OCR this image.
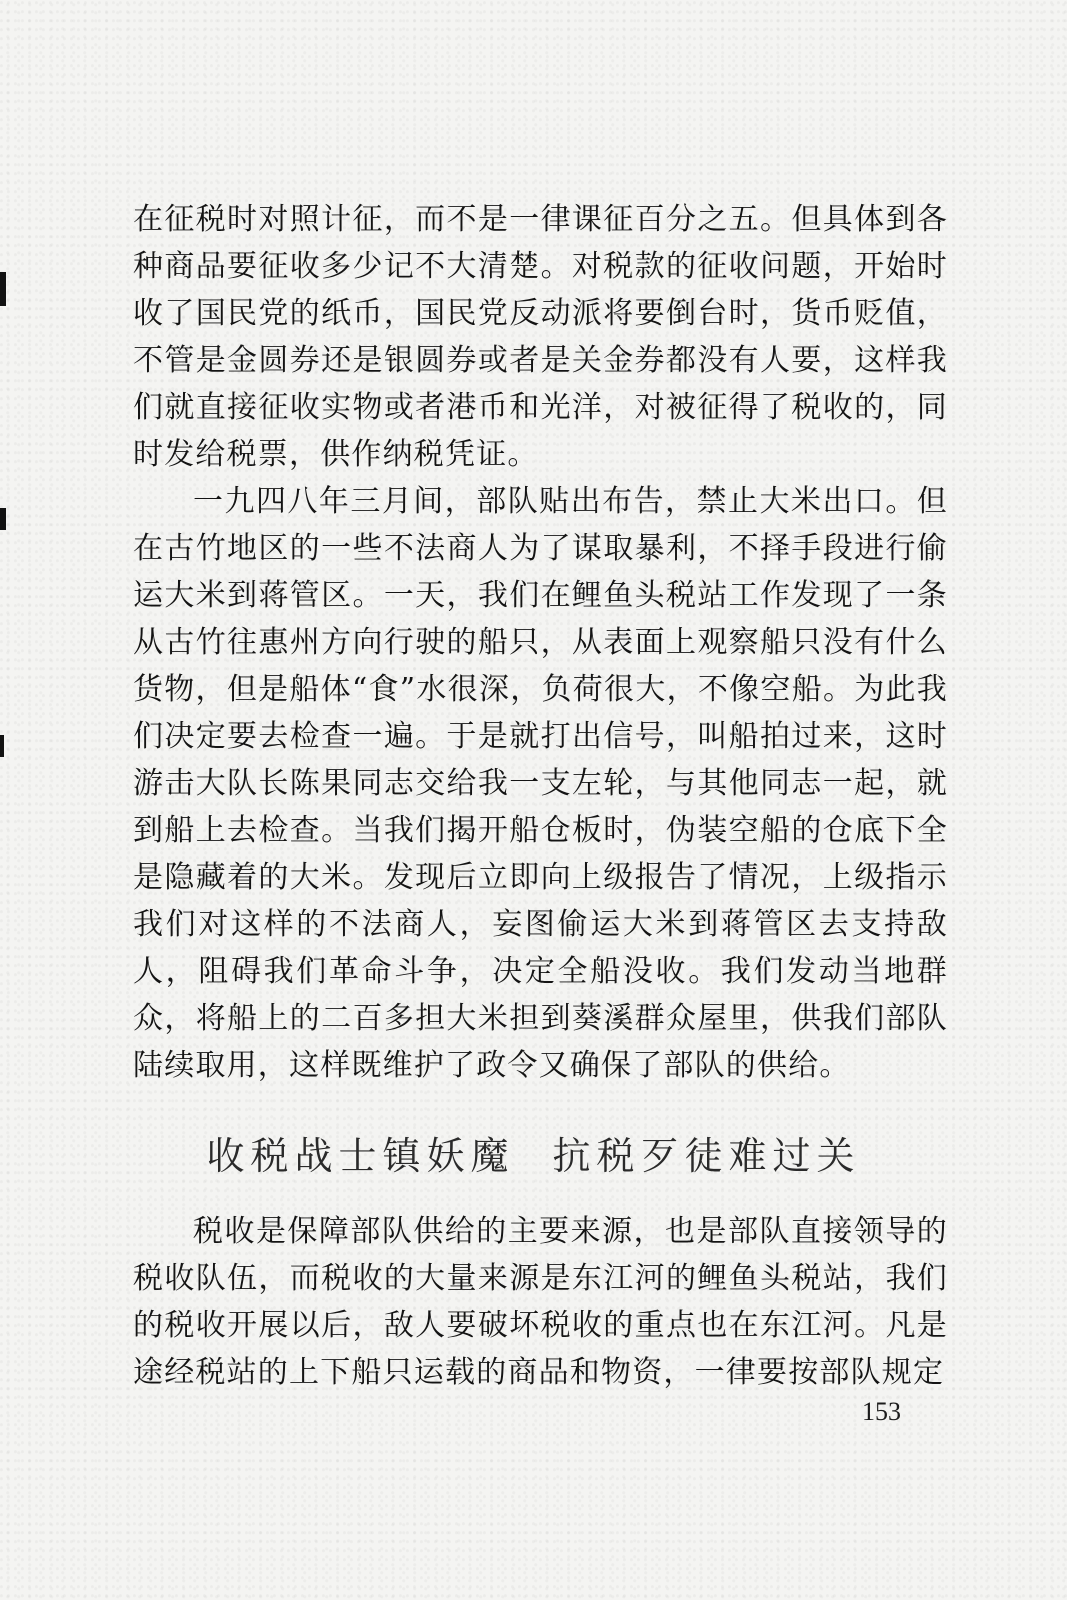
在征税时对照计征，而不是一律课征百分之五。但具体到各种商品要征收多少记不大清楚。对税款的征收问题，开始时收了国民党的纸币，国民党反动派将要倒台时，货币贬值，不管是金圆券还是银圆券或者是关金券都没有人要，这样我们就直接征收实物或者港币和光洋，对被征得了税收的，同时发给税票，供作纳税凭证。

一九四八年三月间，部队贴出布告，禁止大米出口。但在古竹地区的一些不法商人为了谋取暴利，不择手段进行偷运大米到蒋管区。一天，我们在鲤鱼头税站工作发现了一条从古竹往惠州方向行驶的船只，从表面上观察船只没有什么货物，但是船体“食”水很深，负荷很大，不像空船。为此我们决定要去检查一遍。于是就打出信号，叫船拍过来，这时游击大队长陈果同志交给我一支左轮，与其他同志一起，就到船上去检查。当我们揭开船仓板时，伪装空船的仓底下全是隐藏着的大米。发现后立即向上级报告了情况，上级指示我们对这样的不法商人，妄图偷运大米到蒋管区去支持敌人，阻碍我们革命斗争，决定全船没收。我们发动当地群众，将船上的二百多担大米担到葵溪群众屋里，供我们部队陆续取用，这样既维护了政令又确保了部队的供给。

收税战士镇妖魔 抗税歹徒难过关

税收是保障部队供给的主要来源，也是部队直接领导的税收队伍，而税收的大量来源是东江河的鲤鱼头税站，我们的税收开展以后，敌人要破坏税收的重点也在东江河。凡是途经税站的上下船只运载的商品和物资，一律要按部队规定

153
